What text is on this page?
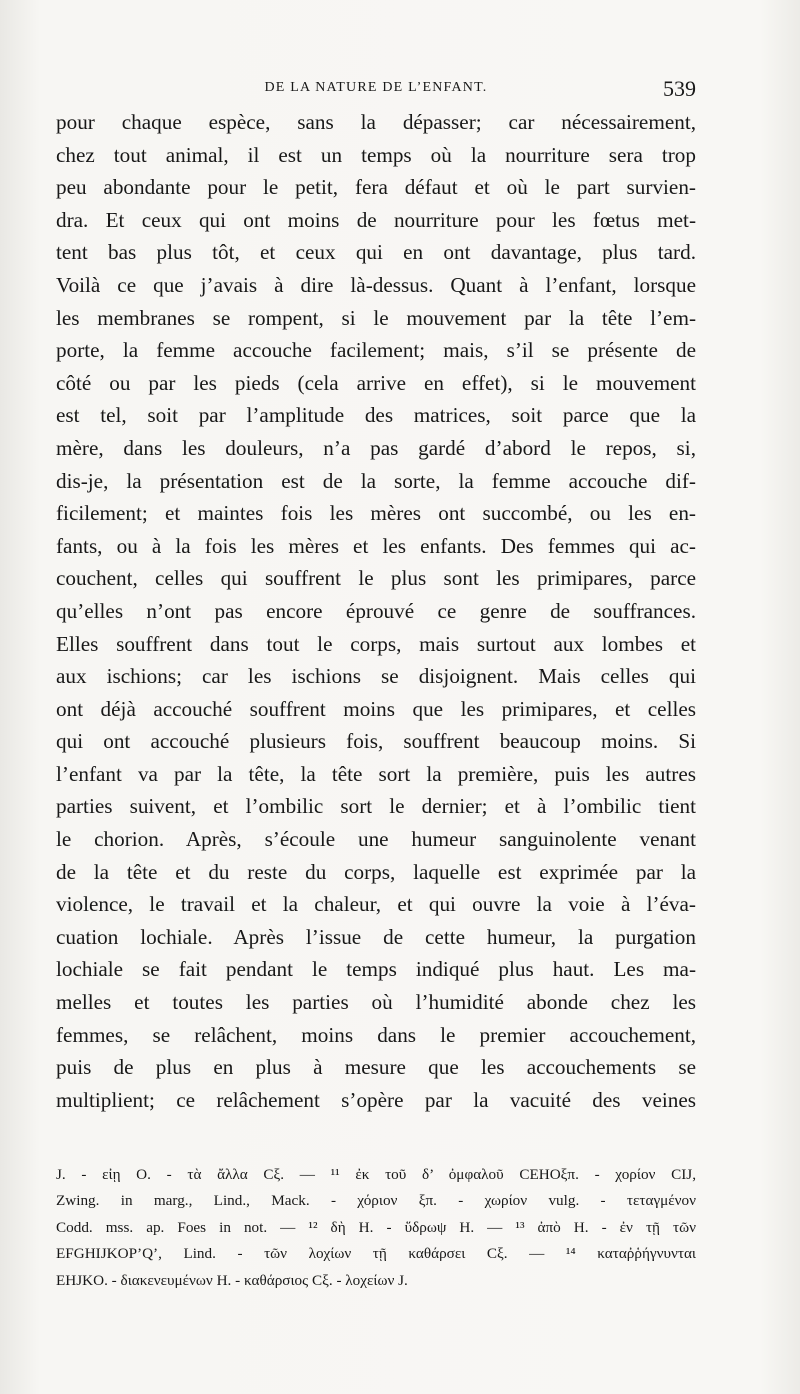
DE LA NATURE DE L’ENFANT.	539
pour chaque espèce, sans la dépasser; car nécessairement,
chez tout animal, il est un temps où la nourriture sera trop
peu abondante pour le petit, fera défaut et où le part survien-
dra. Et ceux qui ont moins de nourriture pour les fœtus met-
tent bas plus tôt, et ceux qui en ont davantage, plus tard.
Voilà ce que j’avais à dire là-dessus. Quant à l’enfant, lorsque
les membranes se rompent, si le mouvement par la tête l’em-
porte, la femme accouche facilement; mais, s’il se présente de
côté ou par les pieds (cela arrive en effet), si le mouvement
est tel, soit par l’amplitude des matrices, soit parce que la
mère, dans les douleurs, n’a pas gardé d’abord le repos, si,
dis-je, la présentation est de la sorte, la femme accouche dif-
ficilement; et maintes fois les mères ont succombé, ou les en-
fants, ou à la fois les mères et les enfants. Des femmes qui ac-
couchent, celles qui souffrent le plus sont les primipares, parce
qu’elles n’ont pas encore éprouvé ce genre de souffrances.
Elles souffrent dans tout le corps, mais surtout aux lombes et
aux ischions; car les ischions se disjoignent. Mais celles qui
ont déjà accouché souffrent moins que les primipares, et celles
qui ont accouché plusieurs fois, souffrent beaucoup moins. Si
l’enfant va par la tête, la tête sort la première, puis les autres
parties suivent, et l’ombilic sort le dernier; et à l’ombilic tient
le chorion. Après, s’écoule une humeur sanguinolente venant
de la tête et du reste du corps, laquelle est exprimée par la
violence, le travail et la chaleur, et qui ouvre la voie à l’éva-
cuation lochiale. Après l’issue de cette humeur, la purgation
lochiale se fait pendant le temps indiqué plus haut. Les ma-
melles et toutes les parties où l’humidité abonde chez les
femmes, se relâchent, moins dans le premier accouchement,
puis de plus en plus à mesure que les accouchements se
multiplient; ce relâchement s’opère par la vacuité des veines
J. - εἰῃ O. - τὰ ἄλλα Cξ. — ¹¹ ἐκ τοῦ δ’ ὀμφαλοῦ CEHOξπ. - χορίον CIJ,
Zwing. in marg., Lind., Mack. - χόριον ξπ. - χωρίον vulg. - τεταγμένον
Codd. mss. ap. Foes in not. — ¹² δὴ H. - ὕδρωψ H. — ¹³ ἀπὸ H. - ἐν τῇ τῶν
EFGHIJKOP’Q’, Lind. - τῶν λοχίων τῇ καθάρσει Cξ. — ¹⁴ καταῤῥήγνυνται
EHJKO. - διακενευμένων H. - καθάρσιος Cξ. - λοχείων J.
